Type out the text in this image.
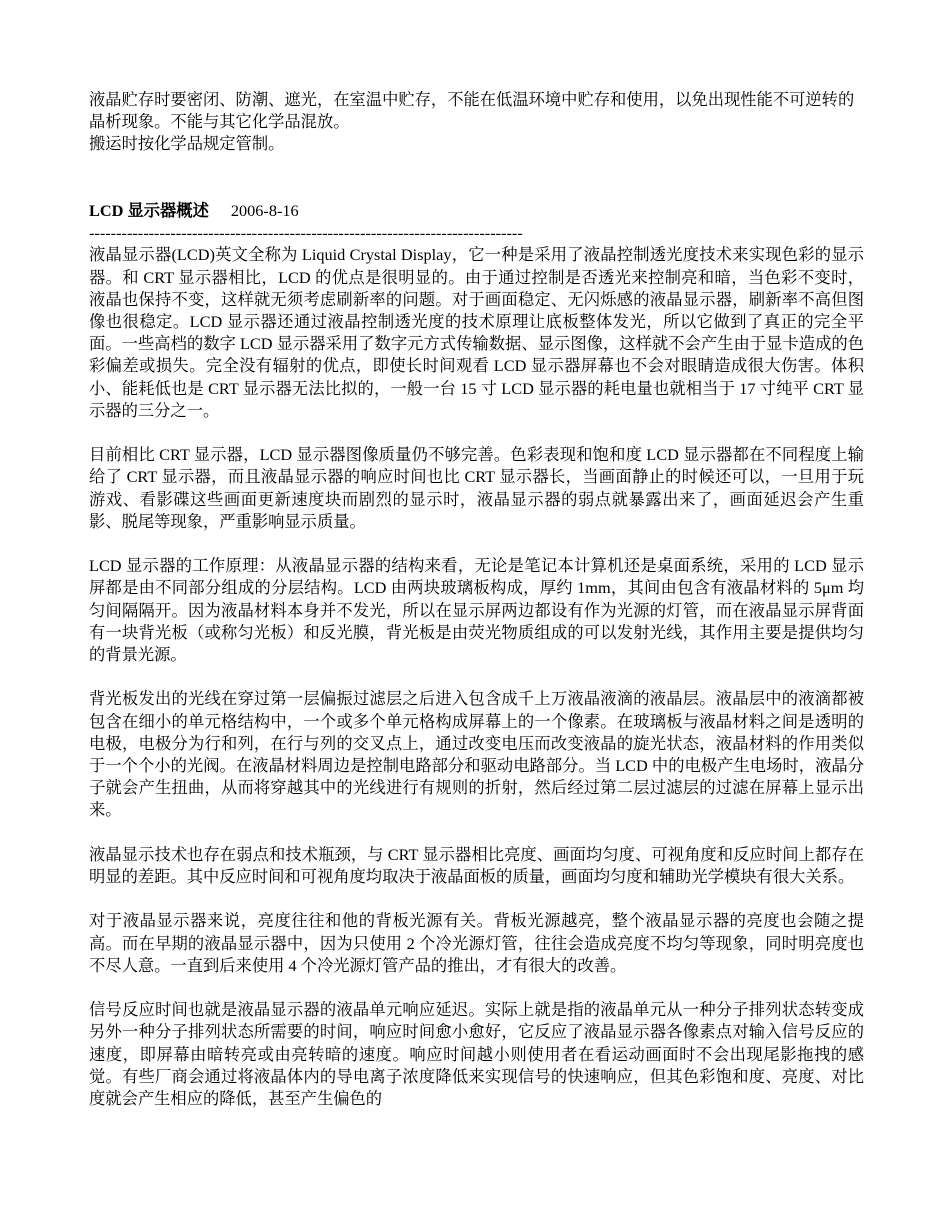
液晶贮存时要密闭、防潮、遮光，在室温中贮存，不能在低温环境中贮存和使用，以免出现性能不可逆转的晶析现象。不能与其它化学品混放。

搬运时按化学品规定管制。

LCD 显示器概述 2006-8-16

--------------------------------------------------------------------------------

液晶显示器(LCD)英文全称为 Liquid Crystal Display，它一种是采用了液晶控制透光度技术来实现色彩的显示器。和 CRT 显示器相比，LCD 的优点是很明显的。由于通过控制是否透光来控制亮和暗，当色彩不变时，液晶也保持不变，这样就无须考虑刷新率的问题。对于画面稳定、无闪烁感的液晶显示器，刷新率不高但图像也很稳定。LCD 显示器还通过液晶控制透光度的技术原理让底板整体发光，所以它做到了真正的完全平面。一些高档的数字 LCD 显示器采用了数字元方式传输数据、显示图像，这样就不会产生由于显卡造成的色彩偏差或损失。完全没有辐射的优点，即使长时间观看 LCD 显示器屏幕也不会对眼睛造成很大伤害。体积小、能耗低也是 CRT 显示器无法比拟的，一般一台 15 寸 LCD 显示器的耗电量也就相当于 17 寸纯平 CRT 显示器的三分之一。

目前相比 CRT 显示器，LCD 显示器图像质量仍不够完善。色彩表现和饱和度 LCD 显示器都在不同程度上输给了 CRT 显示器，而且液晶显示器的响应时间也比 CRT 显示器长，当画面静止的时候还可以，一旦用于玩游戏、看影碟这些画面更新速度块而剧烈的显示时，液晶显示器的弱点就暴露出来了，画面延迟会产生重影、脱尾等现象，严重影响显示质量。

LCD 显示器的工作原理：从液晶显示器的结构来看，无论是笔记本计算机还是桌面系统，采用的 LCD 显示屏都是由不同部分组成的分层结构。LCD 由两块玻璃板构成，厚约 1mm，其间由包含有液晶材料的 5μm 均匀间隔隔开。因为液晶材料本身并不发光，所以在显示屏两边都设有作为光源的灯管，而在液晶显示屏背面有一块背光板（或称匀光板）和反光膜，背光板是由荧光物质组成的可以发射光线，其作用主要是提供均匀的背景光源。

背光板发出的光线在穿过第一层偏振过滤层之后进入包含成千上万液晶液滴的液晶层。液晶层中的液滴都被包含在细小的单元格结构中，一个或多个单元格构成屏幕上的一个像素。在玻璃板与液晶材料之间是透明的电极，电极分为行和列，在行与列的交叉点上，通过改变电压而改变液晶的旋光状态，液晶材料的作用类似于一个个小的光阀。在液晶材料周边是控制电路部分和驱动电路部分。当 LCD 中的电极产生电场时，液晶分子就会产生扭曲，从而将穿越其中的光线进行有规则的折射，然后经过第二层过滤层的过滤在屏幕上显示出来。

液晶显示技术也存在弱点和技术瓶颈，与 CRT 显示器相比亮度、画面均匀度、可视角度和反应时间上都存在明显的差距。其中反应时间和可视角度均取决于液晶面板的质量，画面均匀度和辅助光学模块有很大关系。

对于液晶显示器来说，亮度往往和他的背板光源有关。背板光源越亮，整个液晶显示器的亮度也会随之提高。而在早期的液晶显示器中，因为只使用 2 个冷光源灯管，往往会造成亮度不均匀等现象，同时明亮度也不尽人意。一直到后来使用 4 个冷光源灯管产品的推出，才有很大的改善。

信号反应时间也就是液晶显示器的液晶单元响应延迟。实际上就是指的液晶单元从一种分子排列状态转变成另外一种分子排列状态所需要的时间，响应时间愈小愈好，它反应了液晶显示器各像素点对输入信号反应的速度，即屏幕由暗转亮或由亮转暗的速度。响应时间越小则使用者在看运动画面时不会出现尾影拖拽的感觉。有些厂商会通过将液晶体内的导电离子浓度降低来实现信号的快速响应，但其色彩饱和度、亮度、对比度就会产生相应的降低，甚至产生偏色的
